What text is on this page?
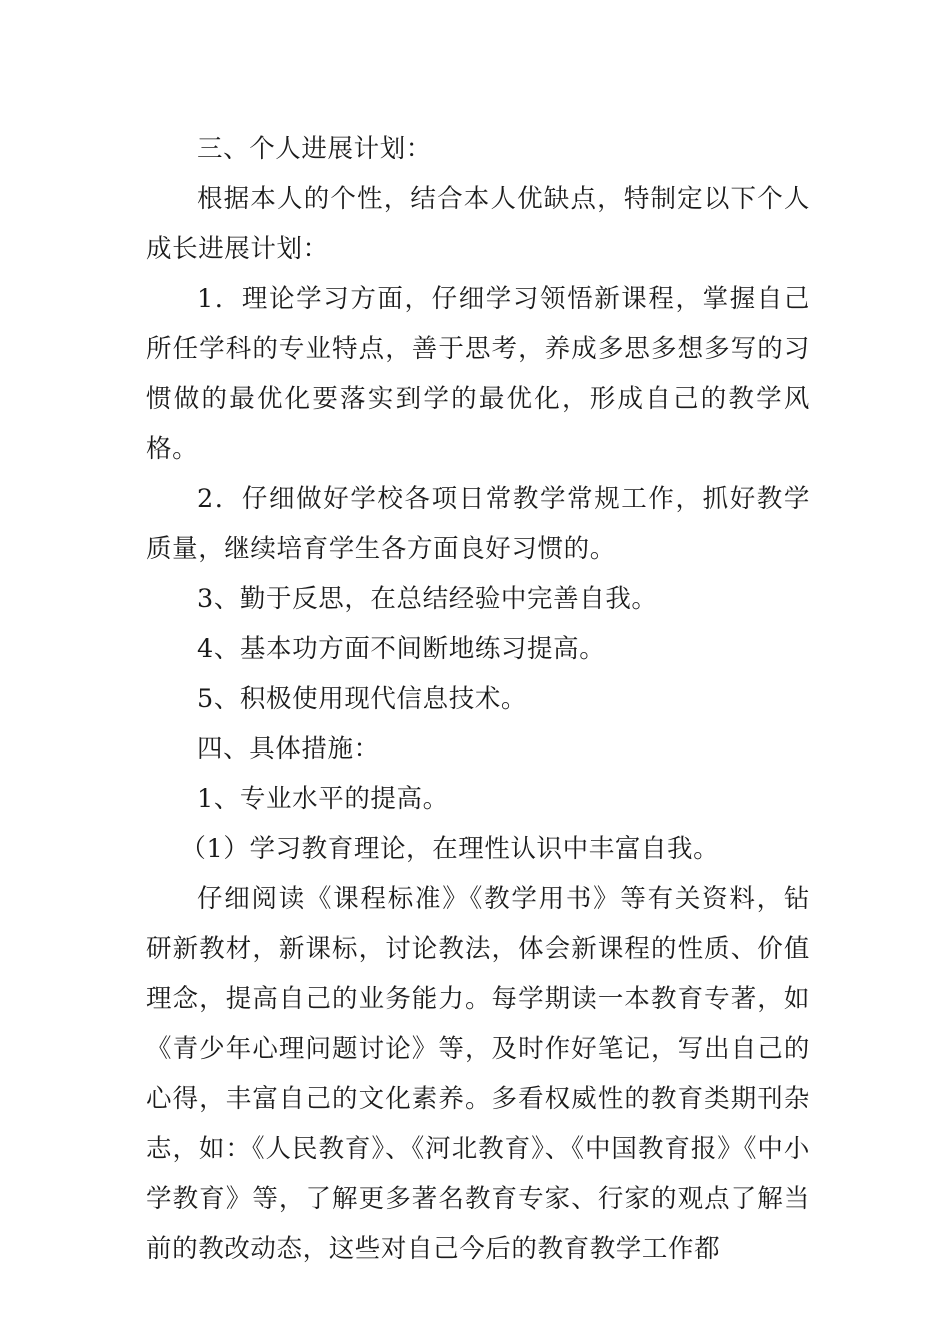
三、个人进展计划：

根据本人的个性，结合本人优缺点，特制定以下个人成长进展计划：

1．理论学习方面，仔细学习领悟新课程，掌握自己所任学科的专业特点，善于思考，养成多思多想多写的习惯做的最优化要落实到学的最优化，形成自己的教学风格。

2．仔细做好学校各项日常教学常规工作，抓好教学质量，继续培育学生各方面良好习惯的。

3、勤于反思，在总结经验中完善自我。

4、基本功方面不间断地练习提高。

5、积极使用现代信息技术。

四、具体措施：

1、专业水平的提高。

（1）学习教育理论，在理性认识中丰富自我。

仔细阅读《课程标准》《教学用书》等有关资料，钻研新教材，新课标，讨论教法，体会新课程的性质、价值理念，提高自己的业务能力。每学期读一本教育专著，如《青少年心理问题讨论》等，及时作好笔记，写出自己的心得，丰富自己的文化素养。多看权威性的教育类期刊杂志，如：《人民教育》、《河北教育》、《中国教育报》《中小学教育》等，了解更多著名教育专家、行家的观点了解当前的教改动态，这些对自己今后的教育教学工作都
